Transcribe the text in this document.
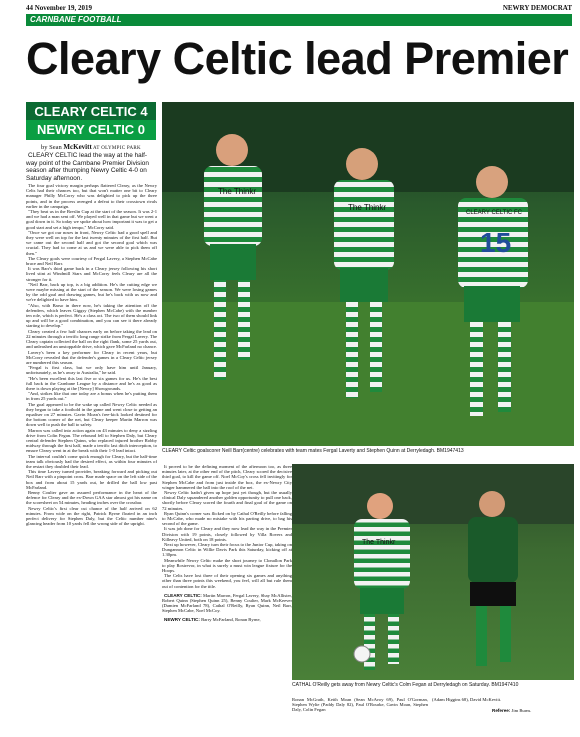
44 November 19, 2019	NEWRY DEMOCRAT
CARNBANE FOOTBALL
Cleary Celtic lead Premier
CLEARY CELTIC 4
NEWRY CELTIC 0
by Sean McKevitt AT OLYMPIC PARK

CLEARY CELTIC lead the way at the half-way point of the Carnbane Premier Division season after thumping Newry Celtic 4-0 on Saturday afternoon.

The four goal victory margin perhaps flattered Cleary, as the Newry Celts had their chances too, but that won't matter one bit to Cleary manager Philly McCorry who was delighted to pick up the three points, and in the process avenged a defeat to their crosstown rivals earlier in the campaign.

"They beat us in the Breslin Cup at the start of the season. It was 2-1 and we had a man sent off. We played well in that game but we went a goal down in it. So today we spoke about how important it was to get a good start and set a high tempo," McCorry said.

"Once we got our noses in front, Newry Celtic had a good spell and they were well on top for the last twenty minutes of the first half. But we came out the second half and got the second goal which was crucial. They had to come at us and we were able to pick them off then."

The Cleary goals were courtesy of Fergal Lavery, a Stephen McCabe brace and Neil Barr.

It was Barr's third game back in a Cleary jersey following his short lived stint at Windmill Stars and McCorry feels Cleary are all the stronger for it.

"Neil Barr, back up top, is a big addition. He's the cutting edge we were maybe missing at the start of the season. We were losing games by the odd goal and drawing games, but he's back with us now and we're delighted to have him.

"Also, with Barso in there now, he's taking the attention off the defenders, which leaves Giggsy (Stephen McCabe) with the number ten role, which is perfect. He's a class act. The two of them should link up and will be a good combination, and you can see it there already starting to develop."

Cleary created a few half chances early on before taking the lead on 22 minutes through a terrific long range strike from Fergal Lavery. The Cleary captain collected the ball on the right flank, some 25 yards out, and unleashed an unstoppable drive, which gave McFarland no chance.

Lavery's been a key performer for Cleary in recent years, but McCorry revealed that the defender's games in a Cleary Celtic jersey are numbered this season.

"Fergal is first class, but we only have him until January, unfortunately, as he's away to Australia," he said.

"He's been excellent this last five or six games for us. He's the best full back in the Carnbane League by a distance and he's as good as there is down playing at the [Newry] Showgrounds.

"And, strikes like that one today are a bonus when he's putting them in from 25 yards out."

The goal appeared to be the wake up called Newry Celtic needed as they began to take a foothold in the game and went close to getting an equaliser on 27 minutes. Gavin Moan's free-kick looked destined for the bottom corner of the net, but Cleary keeper Martin Marron was down well to push the ball to safety.

Marron was called into action again on 43 minutes to deny a sizzling drive from Colin Fegan. The rebound fell to Stephen Daly, but Cleary central defender Stephen Quinn, who replaced injured brother Robby midway through the first half, made a terrific last ditch interception, to ensure Cleary went in at the break with their 1-0 lead intact.

The interval couldn't come quick enough for Cleary, but the half-time team talk obviously had the desired effect, as within four minutes of the restart they doubled their lead.

This time Lavery turned provider, breaking forward and picking out Neil Barr with a pinpoint cross. Barr made space on the left side of the box and from about 15 yards out, he drilled the ball low past McFarland.

Benny Coulter gave an assured performance in the heart of the defence for Cleary and the ex-Down GAA star almost got his name on the scoresheet on 54 minutes, heading inches over the crossbar.

Newry Celtic's first clear cut chance of the half arrived on 62 minutes. From wide on the right, Patrick Byrne floated in an inch perfect delivery for Stephen Daly, but the Celtic number nine's glancing header from 10 yards fell the wrong side of the upright.

The Thinkr
The Thinkr
CLEARY CELTIC FC
15
CLEARY Celtic goalscorer Neill Barr(centre) celebrates with team mates Fergal Laverty and Stephen Quinn at Derryledagh. BM1947413

It proved to be the defining moment of the afternoon too, as three minutes later, at the other end of the pitch, Cleary scored the decisive third goal, to kill the game off. Noel McCoy's cross fell invitingly for Stephen McCabe and from just inside the box, the ex-Newry City winger hammered the ball into the roof of the net.

Newry Celtic hadn't given up hope just yet though, but the usually clinical Daly squandered another golden opportunity to pull one back, shortly before Cleary scored the fourth and final goal of the game on 72 minutes.

Ryan Quinn's corner was flicked on by Cathal O'Reilly before falling to McCabe, who made no mistake with his parting drive, to bag his second of the game.

It was job done for Cleary and they now lead the way in the Premier Division with 19 points, closely followed by Villa Rovers and Killeavy United, both on 18 points.

Next up however, Cleary turn their focus to the Junior Cup, taking on Dungannon Celtic in Willie Davis Park this Saturday, kicking off at 1.30pm.

Meanwhile Newry Celtic make the short journey to Clonallon Park to play Rostrevor, in what is surely a must win league fixture for the Hoops.

The Celts have lost three of their opening six games and anything other than three points this weekend, you feel, will all but rule them out of contention for the title.

CLEARY CELTIC: Martin Marron, Fergal Lavery, Shay McAllister, Robert Quinn (Stephen Quinn 25), Benny Coulter, Mark McKeever (Damien McFarland 78), Cathal O'Reilly, Ryan Quinn, Neil Barr, Stephen McCabe, Noel McCoy.

NEWRY CELTIC: Barry McFarland, Ronan Byrne,

The Thinkr
CATHAL O'Reilly gets away from Newry Celtic's Colm Fegan at Derryledagh on Saturday. BM1947410
Ronan McGrath, Keith Moan (Sean McAvoy 69), Paul O'Gorman, Stephen Wylie (Paddy Daly 82), Paul O'Rourke, Gavin Moan, Stephen Daly, Colin Fegan
(Adam Higgins 68), David McKevitt.
Referee: Jim Burns.
